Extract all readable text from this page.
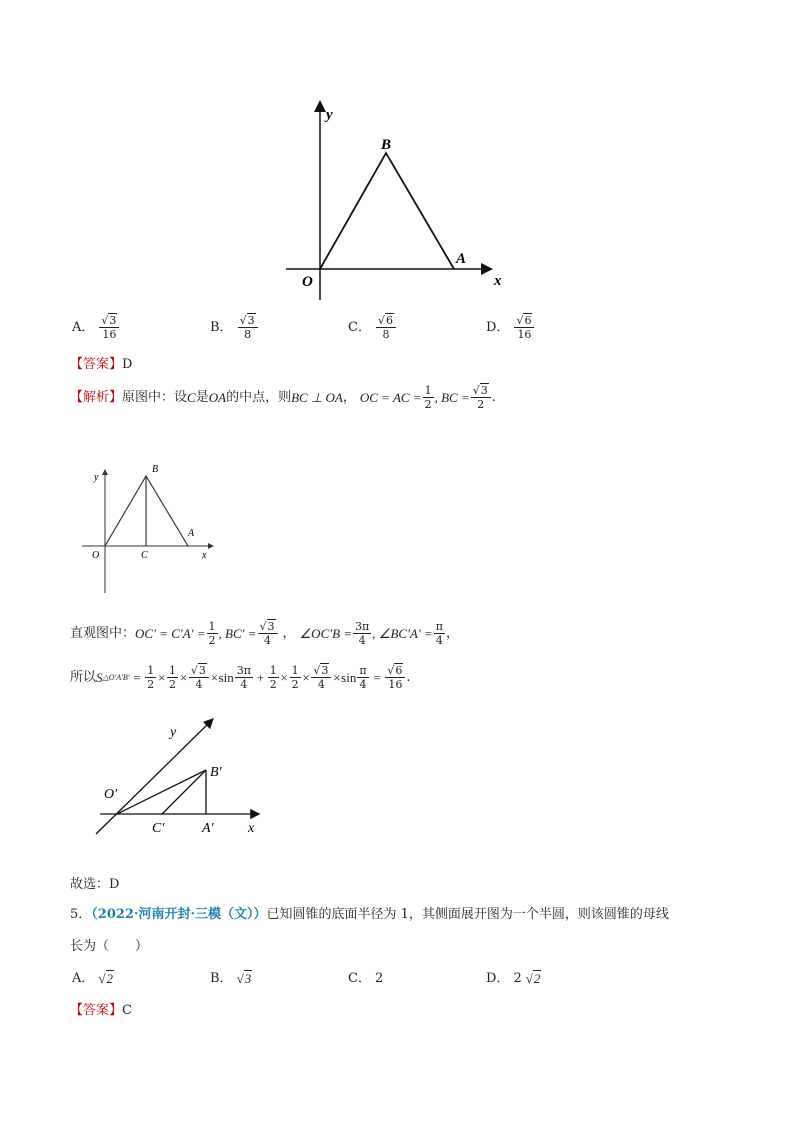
y
B
A
O	x
A． $\frac{√3}{16}$	B． $\frac{√3}{8}$	C． $\frac{√6}{8}$	D． $\frac{√6}{16}$
【答案】D
【解析】 原图中：设 C 是 OA 的中点，则 BC ⊥ OA ， OC = AC = $\frac{1}{2}$ , BC = $\frac{√3}{2}$ .
y
B
A
O	C	x
直观图中： $OC' = C'A' = \frac{1}{2}$ , $BC' = \frac{√3}{4}$ ， ∠OC′B = $\frac{3\pi}{4}$ , ∠BC′A′ = $\frac{\pi}{4}$ ，
所以 S △O′A′B′ = $\frac{1}{2} \times \frac{1}{2} \times \frac{√3}{4} \times \sin \frac{3\pi}{4} + \frac{1}{2} \times \frac{1}{2} \times \frac{√3}{4} \times \sin \frac{\pi}{4} = \frac{√6}{16}$ .
y
O′
B′
C′	A′ x
故选：D
5．（2022·河南开封·三模（文））已知圆锥的底面半径为 1，其侧面展开图为一个半圆，则该圆锥的母线
长为（　　）
A． √2	B． √3	C． 2	D． 2 √2
【答案】C
